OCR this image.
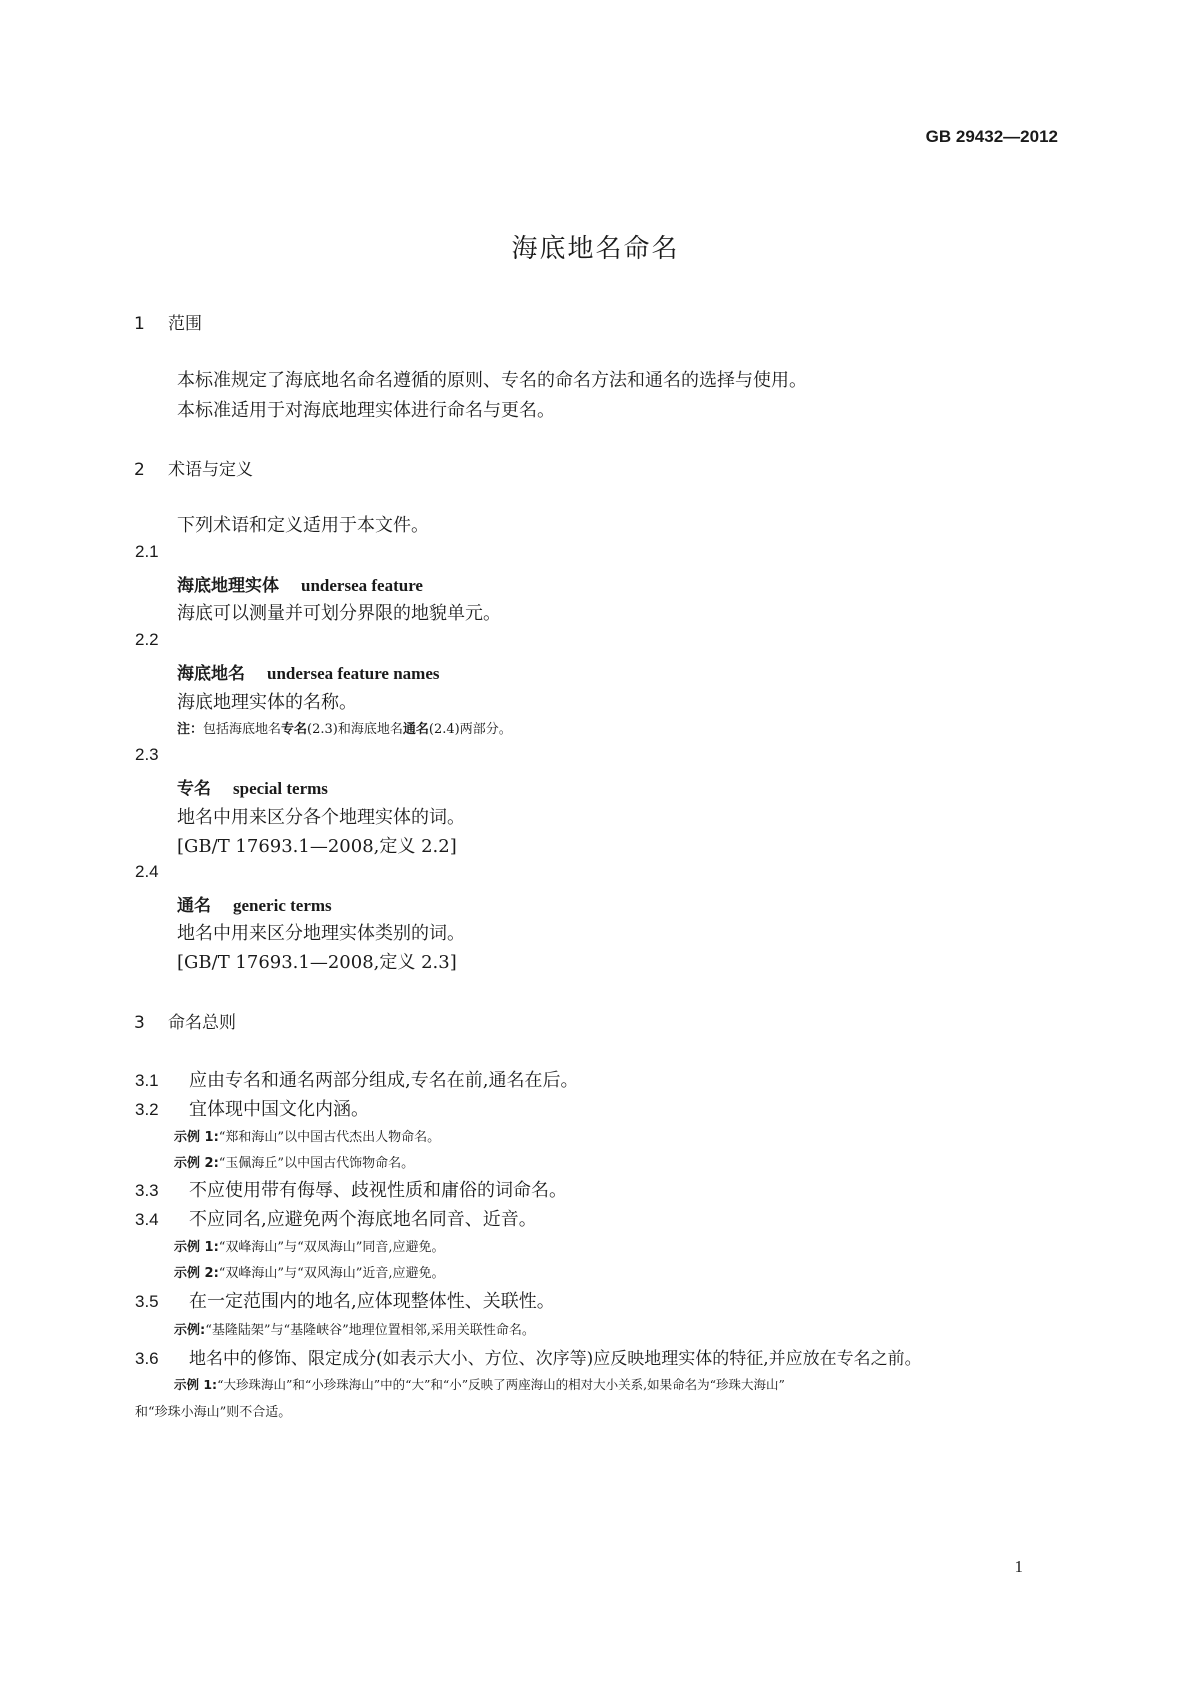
GB 29432—2012
海底地名命名
1 范围
本标准规定了海底地名命名遵循的原则、专名的命名方法和通名的选择与使用。
本标准适用于对海底地理实体进行命名与更名。
2 术语与定义
下列术语和定义适用于本文件。
2.1
海底地理实体 undersea feature
海底可以测量并可划分界限的地貌单元。
2.2
海底地名 undersea feature names
海底地理实体的名称。
注：包括海底地名专名(2.3)和海底地名通名(2.4)两部分。
2.3
专名 special terms
地名中用来区分各个地理实体的词。
[GB/T 17693.1—2008,定义 2.2]
2.4
通名 generic terms
地名中用来区分地理实体类别的词。
[GB/T 17693.1—2008,定义 2.3]
3 命名总则
3.1 应由专名和通名两部分组成,专名在前,通名在后。
3.2 宜体现中国文化内涵。
示例 1:“郑和海山”以中国古代杰出人物命名。
示例 2:“玉佩海丘”以中国古代饰物命名。
3.3 不应使用带有侮辱、歧视性质和庸俗的词命名。
3.4 不应同名,应避免两个海底地名同音、近音。
示例 1:“双峰海山”与“双凤海山”同音,应避免。
示例 2:“双峰海山”与“双风海山”近音,应避免。
3.5 在一定范围内的地名,应体现整体性、关联性。
示例:“基隆陆架”与“基隆峡谷”地理位置相邻,采用关联性命名。
3.6 地名中的修饰、限定成分(如表示大小、方位、次序等)应反映地理实体的特征,并应放在专名之前。
示例 1:“大珍珠海山”和“小珍珠海山”中的“大”和“小”反映了两座海山的相对大小关系,如果命名为“珍珠大海山”
和“珍珠小海山”则不合适。
1
